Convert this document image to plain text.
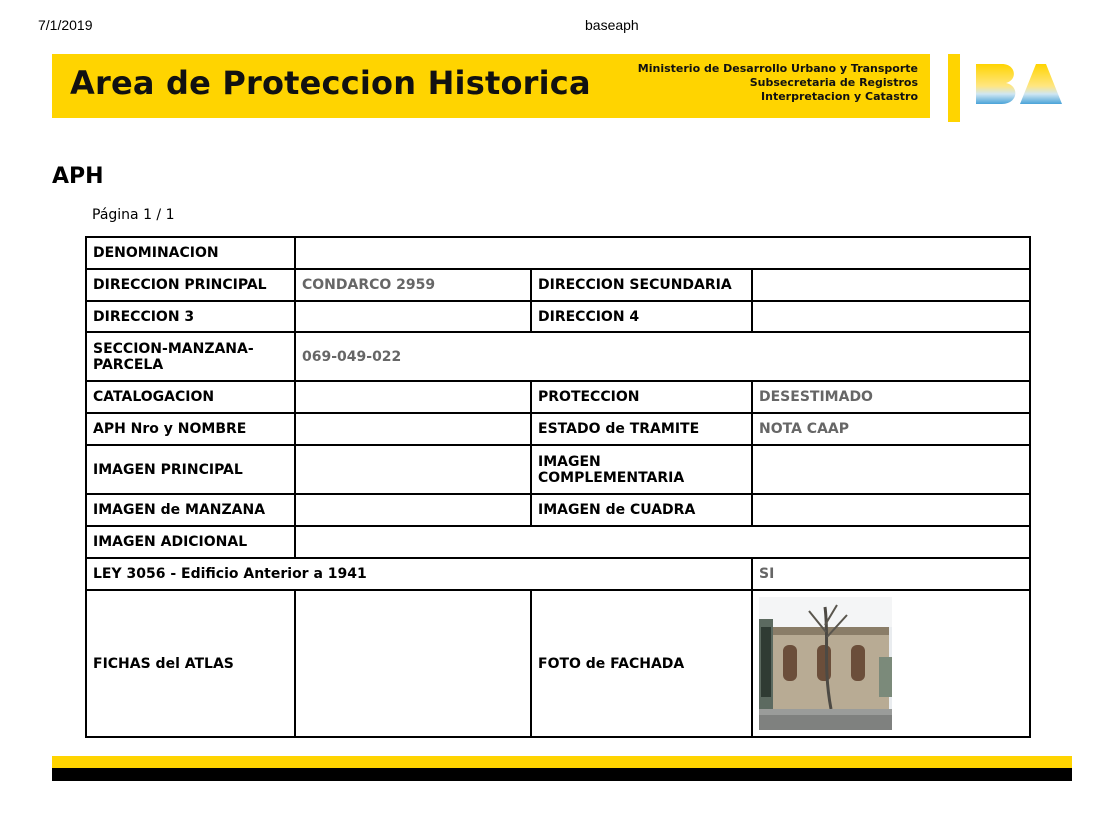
7/1/2019	baseaph
Area de Proteccion Historica	Ministerio de Desarrollo Urbano y Transporte
Subsecretaria de Registros
Interpretacion y Catastro
APH
Página 1 / 1
DENOMINACION			
DIRECCION PRINCIPAL	CONDARCO 2959	DIRECCION SECUNDARIA	
DIRECCION 3		DIRECCION 4	
SECCION-MANZANA-PARCELA	069-049-022		
CATALOGACION		PROTECCION	DESESTIMADO
APH Nro y NOMBRE		ESTADO de TRAMITE	NOTA CAAP
IMAGEN PRINCIPAL		IMAGEN COMPLEMENTARIA	
IMAGEN de MANZANA		IMAGEN de CUADRA	
IMAGEN ADICIONAL			
LEY 3056 - Edificio Anterior a 1941			SI
FICHAS del ATLAS		FOTO de FACHADA	
